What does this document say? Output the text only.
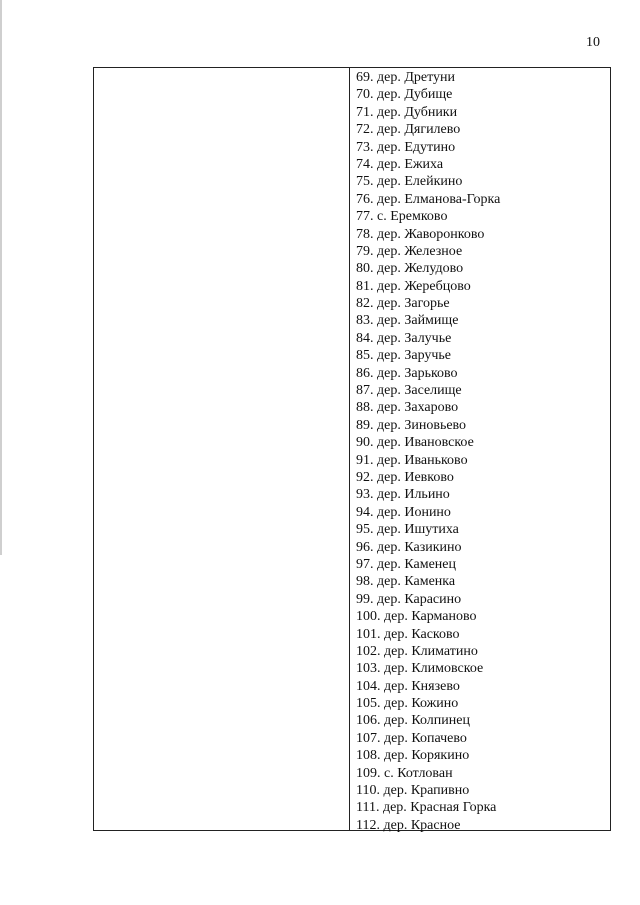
10
69. дер. Дретуни
70. дер. Дубище
71. дер. Дубники
72. дер. Дягилево
73. дер. Едутино
74. дер. Ежиха
75. дер. Елейкино
76. дер. Елманова-Горка
77. с. Еремково
78. дер. Жаворонково
79. дер. Железное
80. дер. Желудово
81. дер. Жеребцово
82. дер. Загорье
83. дер. Займище
84. дер. Залучье
85. дер. Заручье
86. дер. Зарьково
87. дер. Заселище
88. дер. Захарово
89. дер. Зиновьево
90. дер. Ивановское
91. дер. Иваньково
92. дер. Иевково
93. дер. Ильино
94. дер. Ионино
95. дер. Ишутиха
96. дер. Казикино
97. дер. Каменец
98. дер. Каменка
99. дер. Карасино
100. дер. Карманово
101. дер. Касково
102. дер. Климатино
103. дер. Климовское
104. дер. Князево
105. дер. Кожино
106. дер. Колпинец
107. дер. Копачево
108. дер. Корякино
109. с. Котлован
110. дер. Крапивно
111. дер. Красная Горка
112. дер. Красное
